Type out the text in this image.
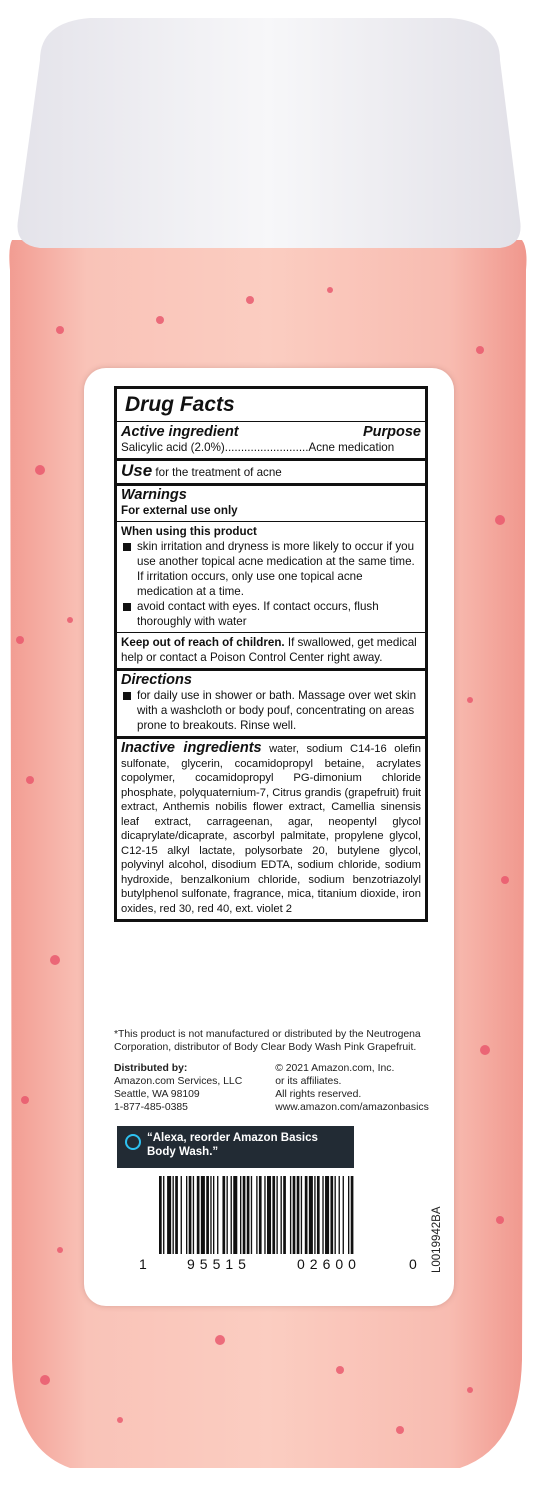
Drug Facts
Active ingredient	Purpose
Salicylic acid (2.0%)..........................Acne medication
Use for the treatment of acne
Warnings
For external use only
When using this product
skin irritation and dryness is more likely to occur if you use another topical acne medication at the same time. If irritation occurs, only use one topical acne medication at a time.
avoid contact with eyes. If contact occurs, flush thoroughly with water
Keep out of reach of children. If swallowed, get medical help or contact a Poison Control Center right away.
Directions
for daily use in shower or bath. Massage over wet skin with a washcloth or body pouf, concentrating on areas prone to breakouts. Rinse well.
Inactive ingredients water, sodium C14-16 olefin sulfonate, glycerin, cocamidopropyl betaine, acrylates copolymer, cocamidopropyl PG-dimonium chloride phosphate, polyquaternium-7, Citrus grandis (grapefruit) fruit extract, Anthemis nobilis flower extract, Camellia sinensis leaf extract, carrageenan, agar, neopentyl glycol dicaprylate/dicaprate, ascorbyl palmitate, propylene glycol, C12-15 alkyl lactate, polysorbate 20, butylene glycol, polyvinyl alcohol, disodium EDTA, sodium chloride, sodium hydroxide, benzalkonium chloride, sodium benzotriazolyl butylphenol sulfonate, fragrance, mica, titanium dioxide, iron oxides, red 30, red 40, ext. violet 2
*This product is not manufactured or distributed by the Neutrogena Corporation, distributor of Body Clear Body Wash Pink Grapefruit.
Distributed by:
Amazon.com Services, LLC
Seattle, WA 98109
1-877-485-0385
© 2021 Amazon.com, Inc.
or its affiliates.
All rights reserved.
www.amazon.com/amazonbasics
“Alexa, reorder Amazon Basics
Body Wash.”
1	95515	02600	0 L0019942BA
